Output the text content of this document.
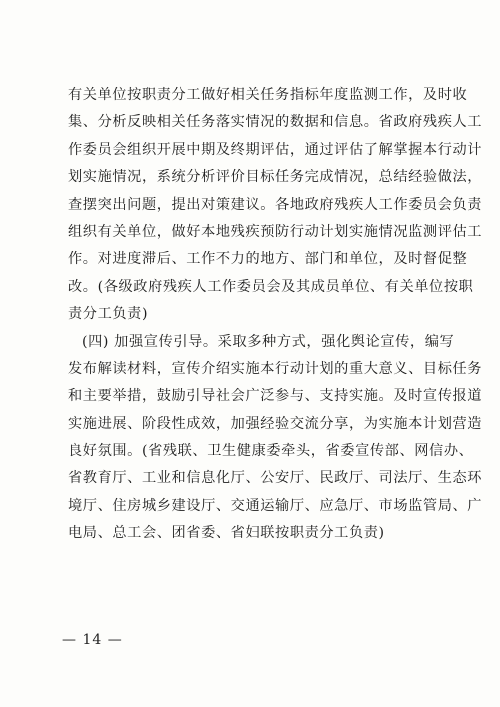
有关单位按职责分工做好相关任务指标年度监测工作，及时收
集、分析反映相关任务落实情况的数据和信息。省政府残疾人工
作委员会组织开展中期及终期评估，通过评估了解掌握本行动计
划实施情况，系统分析评价目标任务完成情况，总结经验做法，
查摆突出问题，提出对策建议。各地政府残疾人工作委员会负责
组织有关单位，做好本地残疾预防行动计划实施情况监测评估工
作。对进度滞后、工作不力的地方、部门和单位，及时督促整
改。(各级政府残疾人工作委员会及其成员单位、有关单位按职
责分工负责)
(四) 加强宣传引导。采取多种方式，强化舆论宣传，编写
发布解读材料，宣传介绍实施本行动计划的重大意义、目标任务
和主要举措，鼓励引导社会广泛参与、支持实施。及时宣传报道
实施进展、阶段性成效，加强经验交流分享，为实施本计划营造
良好氛围。(省残联、卫生健康委牵头，省委宣传部、网信办、
省教育厅、工业和信息化厅、公安厅、民政厅、司法厅、生态环
境厅、住房城乡建设厅、交通运输厅、应急厅、市场监管局、广
电局、总工会、团省委、省妇联按职责分工负责)
— 14 —
